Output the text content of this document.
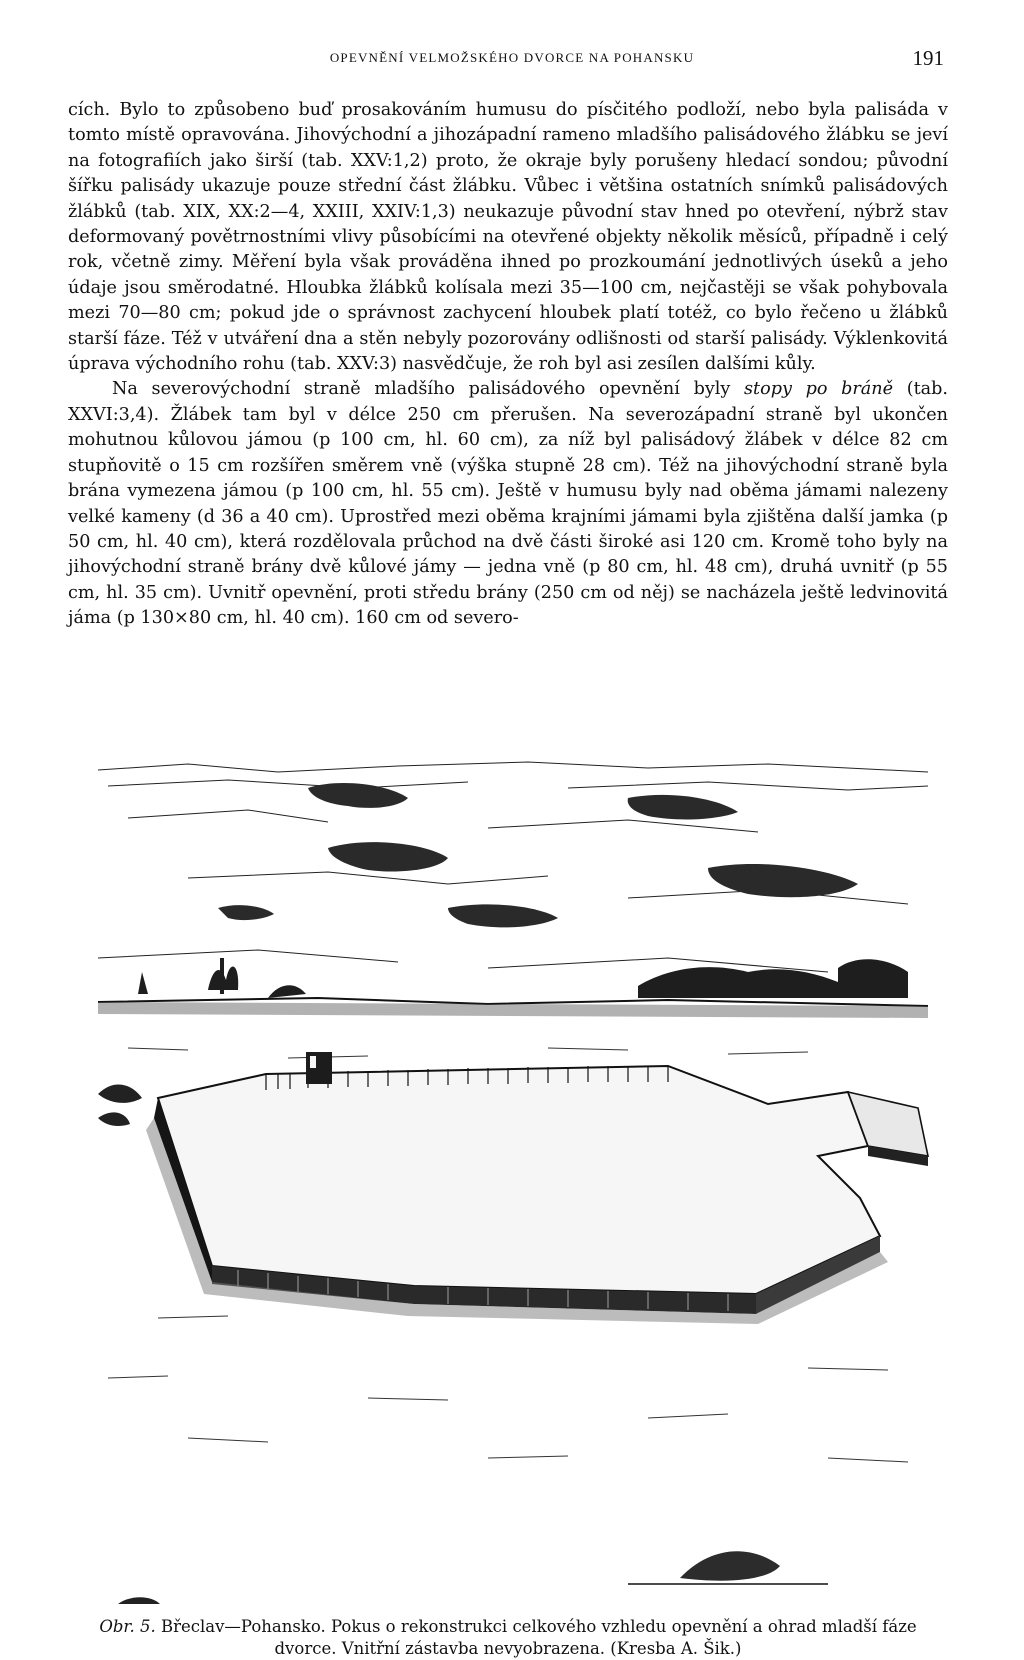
OPEVNĚNÍ VELMOŽSKÉHO DVORCE NA POHANSKU	191

cích. Bylo to způsobeno buď prosakováním humusu do písčitého podloží, nebo byla palisáda v tomto místě opravována. Jihovýchodní a jihozápadní rameno mladšího palisádového žlábku se jeví na fotografiích jako širší (tab. XXV:1,2) proto, že okraje byly porušeny hledací sondou; původní šířku palisády ukazuje pouze střední část žlábku. Vůbec i většina ostatních snímků palisádových žlábků (tab. XIX, XX:2—4, XXIII, XXIV:1,3) neukazuje původní stav hned po otevření, nýbrž stav deformovaný povětrnostními vlivy působícími na otevřené objekty několik měsíců, případně i celý rok, včetně zimy. Měření byla však prováděna ihned po prozkoumání jednotlivých úseků a jeho údaje jsou směrodatné. Hloubka žlábků kolísala mezi 35—100 cm, nejčastěji se však pohybovala mezi 70—80 cm; pokud jde o správnost zachycení hloubek platí totéž, co bylo řečeno u žlábků starší fáze. Též v utváření dna a stěn nebyly pozorovány odlišnosti od starší palisády. Výklenkovitá úprava východního rohu (tab. XXV:3) nasvědčuje, že roh byl asi zesílen dalšími kůly.

Na severovýchodní straně mladšího palisádového opevnění byly stopy po bráně (tab. XXVI:3,4). Žlábek tam byl v délce 250 cm přerušen. Na severozápadní straně byl ukončen mohutnou kůlovou jámou (p 100 cm, hl. 60 cm), za níž byl palisádový žlábek v délce 82 cm stupňovitě o 15 cm rozšířen směrem vně (výška stupně 28 cm). Též na jihovýchodní straně byla brána vymezena jámou (p 100 cm, hl. 55 cm). Ještě v humusu byly nad oběma jámami nalezeny velké kameny (d 36 a 40 cm). Uprostřed mezi oběma krajními jámami byla zjištěna další jamka (p 50 cm, hl. 40 cm), která rozdělovala průchod na dvě části široké asi 120 cm. Kromě toho byly na jihovýchodní straně brány dvě kůlové jámy — jedna vně (p 80 cm, hl. 48 cm), druhá uvnitř (p 55 cm, hl. 35 cm). Uvnitř opevnění, proti středu brány (250 cm od něj) se nacházela ještě ledvinovitá jáma (p 130×80 cm, hl. 40 cm). 160 cm od severo-

Obr. 5. Břeclav—Pohansko. Pokus o rekonstrukci celkového vzhledu opevnění a ohrad mladší fáze dvorce. Vnitřní zástavba nevyobrazena. (Kresba A. Šik.)
